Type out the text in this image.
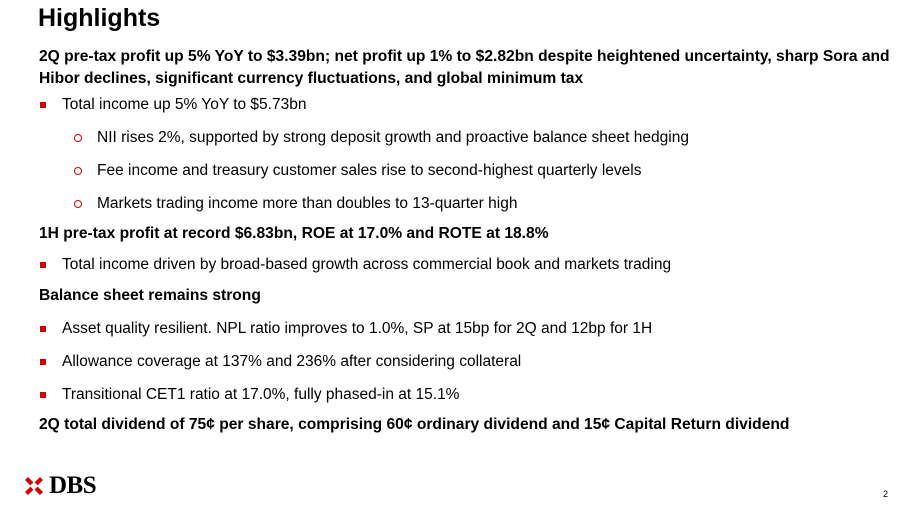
Highlights
2Q pre-tax profit up 5% YoY to $3.39bn; net profit up 1% to $2.82bn despite heightened uncertainty, sharp Sora and Hibor declines, significant currency fluctuations, and global minimum tax
Total income up 5% YoY to $5.73bn
NII rises 2%, supported by strong deposit growth and proactive balance sheet hedging
Fee income and treasury customer sales rise to second-highest quarterly levels
Markets trading income more than doubles to 13-quarter high
1H pre-tax profit at record $6.83bn, ROE at 17.0% and ROTE at 18.8%
Total income driven by broad-based growth across commercial book and markets trading
Balance sheet remains strong
Asset quality resilient. NPL ratio improves to 1.0%, SP at 15bp for 2Q and 12bp for 1H
Allowance coverage at 137% and 236% after considering collateral
Transitional CET1 ratio at 17.0%, fully phased-in at 15.1%
2Q total dividend of 75¢ per share, comprising 60¢ ordinary dividend and 15¢ Capital Return dividend
DBS	2
